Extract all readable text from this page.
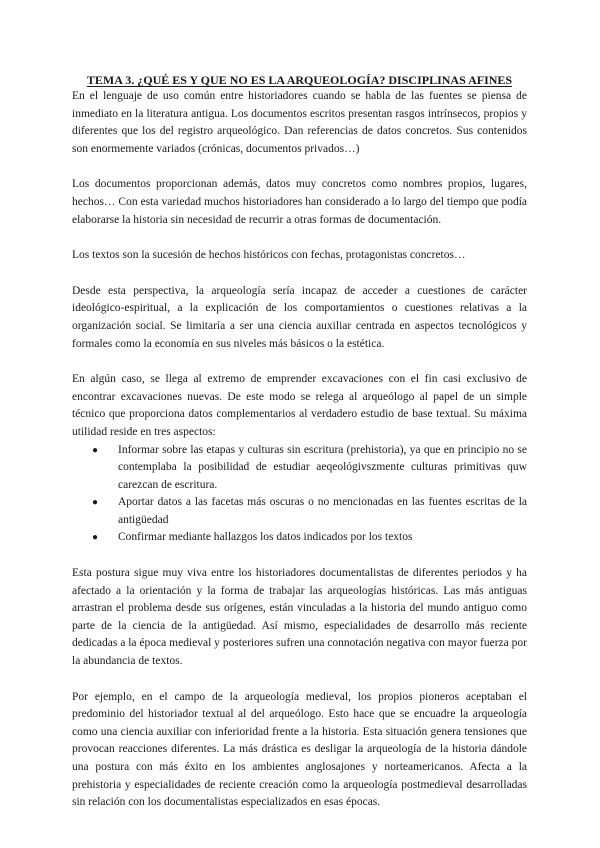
TEMA 3. ¿QUÉ ES Y QUE NO ES LA ARQUEOLOGÍA? DISCIPLINAS AFINES

En el lenguaje de uso común entre historiadores cuando se habla de las fuentes se piensa de inmediato en la literatura antigua. Los documentos escritos presentan rasgos intrínsecos, propios y diferentes que los del registro arqueológico. Dan referencias de datos concretos. Sus contenidos son enormemente variados (crónicas, documentos privados…)

Los documentos proporcionan además, datos muy concretos como nombres propios, lugares, hechos… Con esta variedad muchos historiadores han considerado a lo largo del tiempo que podía elaborarse la historia sin necesidad de recurrir a otras formas de documentación.

Los textos son la sucesión de hechos históricos con fechas, protagonistas concretos…

Desde esta perspectiva, la arqueología sería incapaz de acceder a cuestiones de carácter ideológico-espiritual, a la explicación de los comportamientos o cuestiones relativas a la organización social. Se limitaría a ser una ciencia auxiliar centrada en aspectos tecnológicos y formales como la economía en sus niveles más básicos o la estética.

En algún caso, se llega al extremo de emprender excavaciones con el fin casi exclusivo de encontrar excavaciones nuevas. De este modo se relega al arqueólogo al papel de un simple técnico que proporciona datos complementarios al verdadero estudio de base textual. Su máxima utilidad reside en tres aspectos:

● Informar sobre las etapas y culturas sin escritura (prehistoria), ya que en principio no se contemplaba la posibilidad de estudiar aeqeológivszmente culturas primitivas quw carezcan de escritura.
● Aportar datos a las facetas más oscuras o no mencionadas en las fuentes escritas de la antigüedad
● Confirmar mediante hallazgos los datos indicados por los textos

Esta postura sigue muy viva entre los historiadores documentalistas de diferentes periodos y ha afectado a la orientación y la forma de trabajar las arqueologías históricas. Las más antiguas arrastran el problema desde sus orígenes, están vinculadas a la historia del mundo antiguo como parte de la ciencia de la antigüedad. Así mismo, especialidades de desarrollo más reciente dedicadas a la época medieval y posteriores sufren una connotación negativa con mayor fuerza por la abundancia de textos.

Por ejemplo, en el campo de la arqueología medieval, los propios pioneros aceptaban el predominio del historiador textual al del arqueólogo. Esto hace que se encuadre la arqueología como una ciencia auxiliar con inferioridad frente a la historia. Esta situación genera tensiones que provocan reacciones diferentes. La más drástica es desligar la arqueología de la historia dándole una postura con más éxito en los ambientes anglosajones y norteamericanos. Afecta a la prehistoria y especialidades de reciente creación como la arqueología postmedieval desarrolladas sin relación con los documentalistas especializados en esas épocas.
